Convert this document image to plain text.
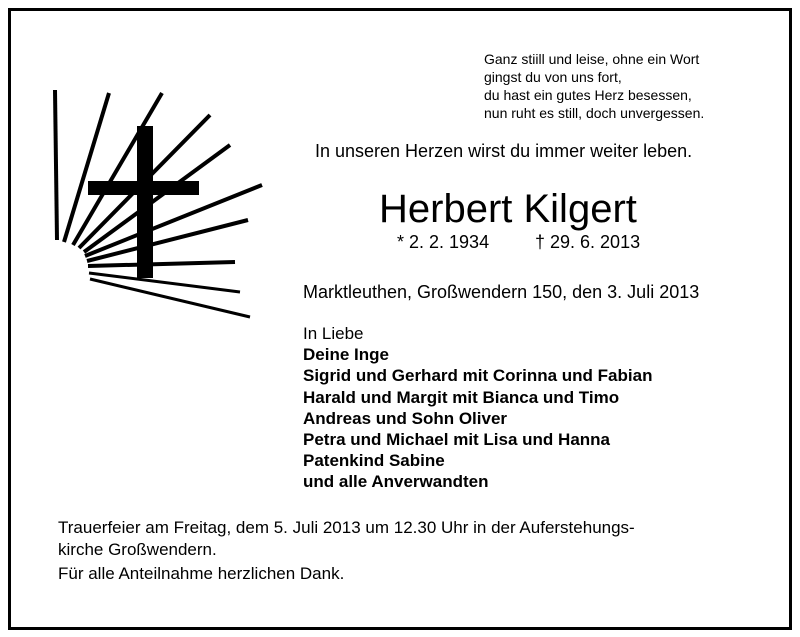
Ganz stiill und leise, ohne ein Wort
gingst du von uns fort,
du hast ein gutes Herz besessen,
nun ruht es still, doch unvergessen.
In unseren Herzen wirst du immer weiter leben.
Herbert Kilgert
* 2. 2. 1934	† 29. 6. 2013
Marktleuthen, Großwendern 150, den 3. Juli 2013
In Liebe
Deine Inge
Sigrid und Gerhard mit Corinna und Fabian
Harald und Margit mit Bianca und Timo
Andreas und Sohn Oliver
Petra und Michael mit Lisa und Hanna
Patenkind Sabine
und alle Anverwandten
Trauerfeier am Freitag, dem 5. Juli 2013 um 12.30 Uhr in der Auferstehungs-
kirche Großwendern.
Für alle Anteilnahme herzlichen Dank.
